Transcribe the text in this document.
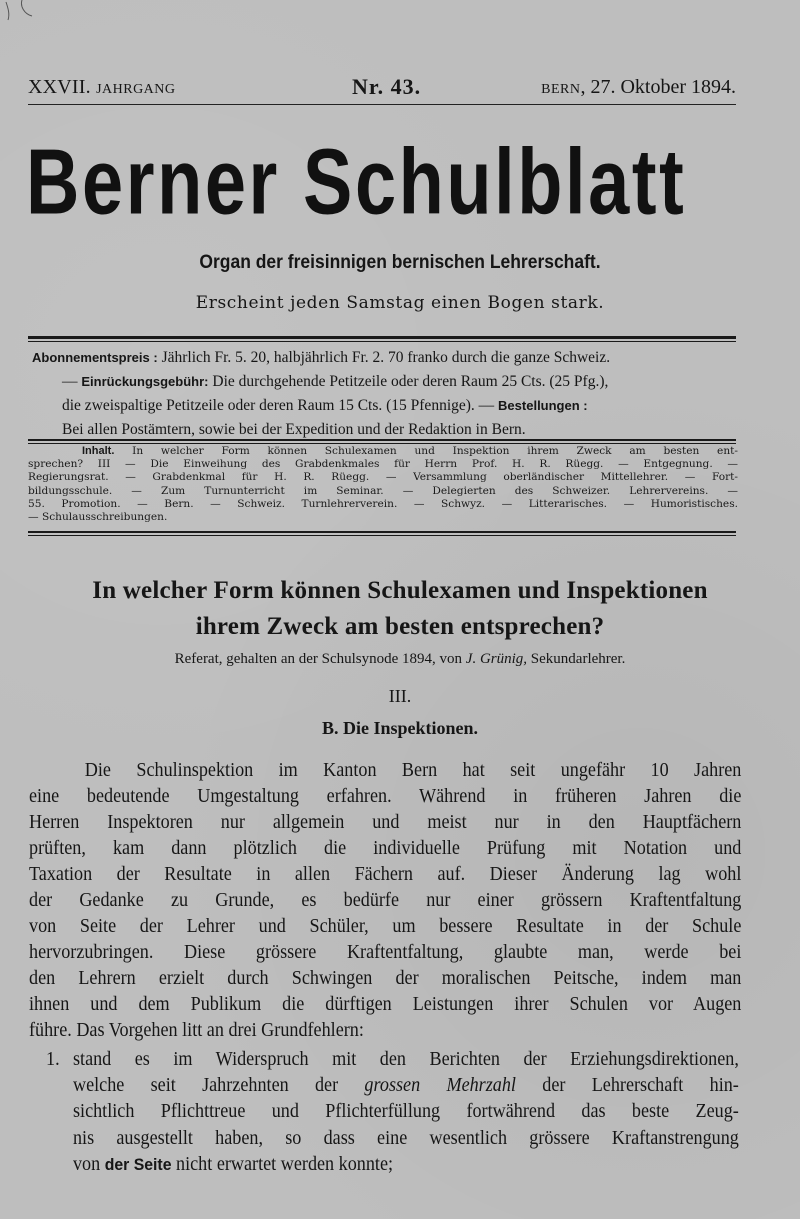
XXVII. JAHRGANG	Nr. 43.	BERN, 27. Oktober 1894.
Berner Schulblatt
Organ der freisinnigen bernischen Lehrerschaft.
Erscheint jeden Samstag einen Bogen stark.

Abonnementspreis : Jährlich Fr. 5. 20, halbjährlich Fr. 2. 70 franko durch die ganze Schweiz.

— Einrückungsgebühr: Die durchgehende Petitzeile oder deren Raum 25 Cts. (25 Pfg.),

die zweispaltige Petitzeile oder deren Raum 15 Cts. (15 Pfennige). — Bestellungen :

Bei allen Postämtern, sowie bei der Expedition und der Redaktion in Bern.

Inhalt. In welcher Form können Schulexamen und Inspektion ihrem Zweck am besten ent-
sprechen? III — Die Einweihung des Grabdenkmales für Herrn Prof. H. R. Rüegg. — Entgegnung. —
Regierungsrat. — Grabdenkmal für H. R. Rüegg. — Versammlung oberländischer Mittellehrer. — Fort-
bildungsschule. — Zum Turnunterricht im Seminar. — Delegierten des Schweizer. Lehrervereins. —
55. Promotion. — Bern. — Schweiz. Turnlehrerverein. — Schwyz. — Litterarisches. — Humoristisches.
— Schulausschreibungen.
In welcher Form können Schulexamen und Inspektionen
ihrem Zweck am besten entsprechen?
Referat, gehalten an der Schulsynode 1894, von J. Grünig, Sekundarlehrer.
III.
B. Die Inspektionen.
Die Schulinspektion im Kanton Bern hat seit ungefähr 10 Jahren
eine bedeutende Umgestaltung erfahren. Während in früheren Jahren die
Herren Inspektoren nur allgemein und meist nur in den Hauptfächern
prüften, kam dann plötzlich die individuelle Prüfung mit Notation und
Taxation der Resultate in allen Fächern auf. Dieser Änderung lag wohl
der Gedanke zu Grunde, es bedürfe nur einer grössern Kraftentfaltung
von Seite der Lehrer und Schüler, um bessere Resultate in der Schule
hervorzubringen. Diese grössere Kraftentfaltung, glaubte man, werde bei
den Lehrern erzielt durch Schwingen der moralischen Peitsche, indem man
ihnen und dem Publikum die dürftigen Leistungen ihrer Schulen vor Augen
führe. Das Vorgehen litt an drei Grundfehlern:
1. stand es im Widerspruch mit den Berichten der Erziehungsdirektionen,
welche seit Jahrzehnten der grossen Mehrzahl der Lehrerschaft hin-
sichtlich Pflichttreue und Pflichterfüllung fortwährend das beste Zeug-
nis ausgestellt haben, so dass eine wesentlich grössere Kraftanstrengung
von der Seite nicht erwartet werden konnte;
